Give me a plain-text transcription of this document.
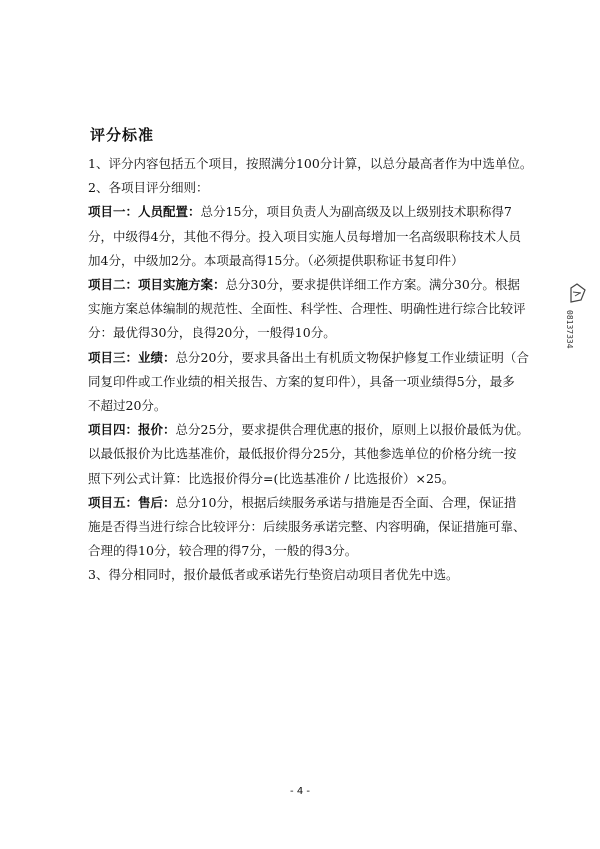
评分标准
1、评分内容包括五个项目，按照满分100分计算，以总分最高者作为中选单位。
2、各项目评分细则：
项目一：人员配置：总分15分，项目负责人为副高级及以上级别技术职称得7
分，中级得4分，其他不得分。投入项目实施人员每增加一名高级职称技术人员
加4分，中级加2分。本项最高得15分。（必须提供职称证书复印件）
项目二：项目实施方案：总分30分，要求提供详细工作方案。满分30分。根据
实施方案总体编制的规范性、全面性、科学性、合理性、明确性进行综合比较评
分：最优得30分，良得20分，一般得10分。
项目三：业绩：总分20分，要求具备出土有机质文物保护修复工作业绩证明（合
同复印件或工作业绩的相关报告、方案的复印件），具备一项业绩得5分，最多
不超过20分。
项目四：报价：总分25分，要求提供合理优惠的报价，原则上以报价最低为优。
以最低报价为比选基准价，最低报价得分25分，其他参选单位的价格分统一按
照下列公式计算：比选报价得分=(比选基准价 / 比选报价）×25。
项目五：售后：总分10分，根据后续服务承诺与措施是否全面、合理，保证措
施是否得当进行综合比较评分：后续服务承诺完整、内容明确，保证措施可靠、
合理的得10分，较合理的得7分，一般的得3分。
3、得分相同时，报价最低者或承诺先行垫资启动项目者优先中选。
08137334
- 4 -
